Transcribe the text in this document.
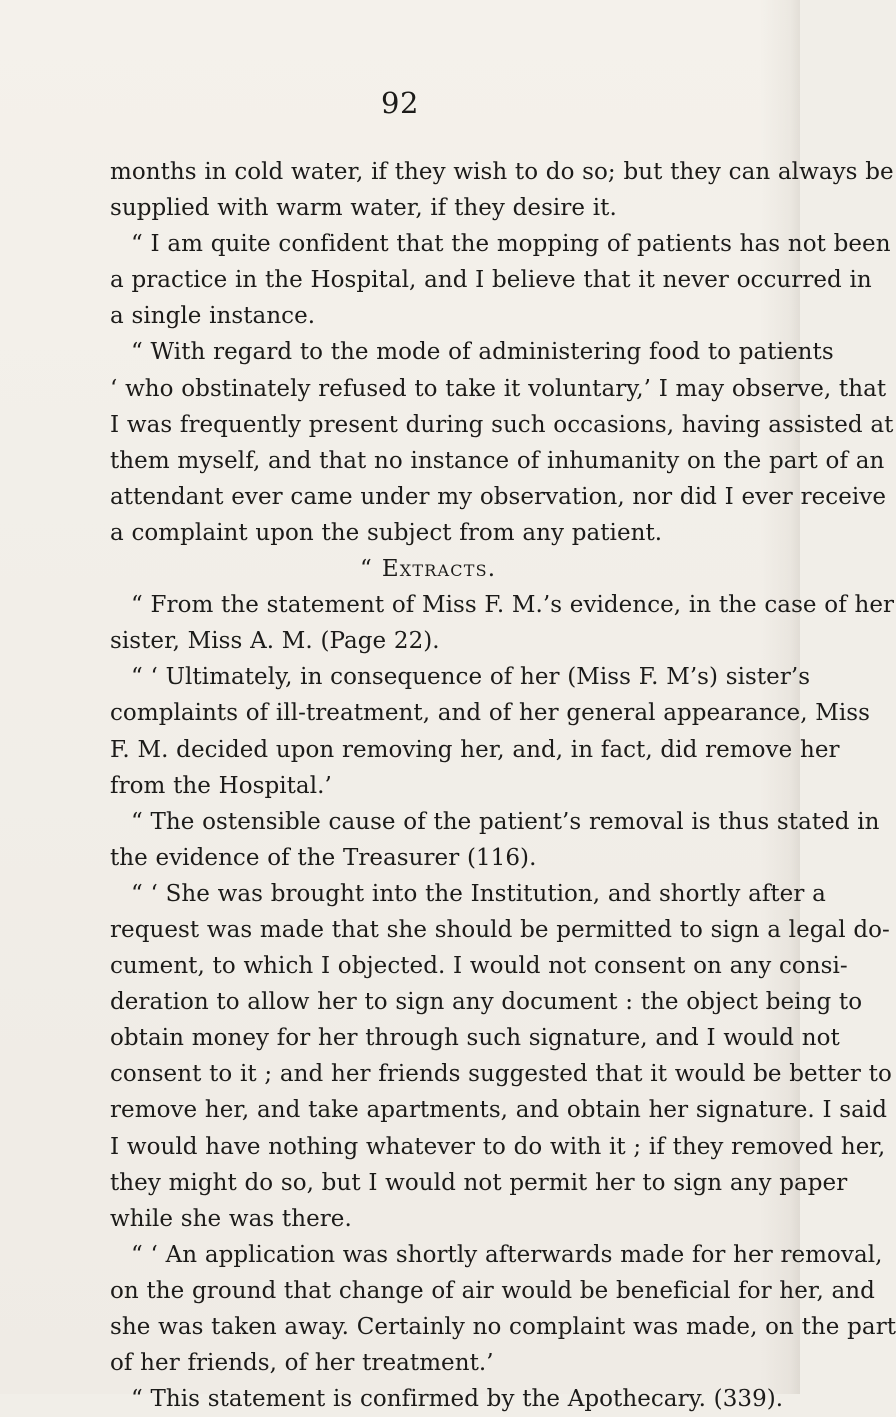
92
months in cold water, if they wish to do so; but they can always be
supplied with warm water, if they desire it.
“ I am quite confident that the mopping of patients has not been
a practice in the Hospital, and I believe that it never occurred in
a single instance.
“ With regard to the mode of administering food to patients
‘ who obstinately refused to take it voluntary,’ I may observe, that
I was frequently present during such occasions, having assisted at
them myself, and that no instance of inhumanity on the part of an
attendant ever came under my observation, nor did I ever receive
a complaint upon the subject from any patient.
“ Extracts.
“ From the statement of Miss F. M.’s evidence, in the case of her
sister, Miss A. M. (Page 22).
“ ‘ Ultimately, in consequence of her (Miss F. M’s) sister’s
complaints of ill-treatment, and of her general appearance, Miss
F. M. decided upon removing her, and, in fact, did remove her
from the Hospital.’
“ The ostensible cause of the patient’s removal is thus stated in
the evidence of the Treasurer (116).
“ ‘ She was brought into the Institution, and shortly after a
request was made that she should be permitted to sign a legal do-
cument, to which I objected. I would not consent on any consi-
deration to allow her to sign any document : the object being to
obtain money for her through such signature, and I would not
consent to it ; and her friends suggested that it would be better to
remove her, and take apartments, and obtain her signature. I said
I would have nothing whatever to do with it ; if they removed her,
they might do so, but I would not permit her to sign any paper
while she was there.
“ ‘ An application was shortly afterwards made for her removal,
on the ground that change of air would be beneficial for her, and
she was taken away. Certainly no complaint was made, on the part
of her friends, of her treatment.’
“ This statement is confirmed by the Apothecary. (339).
